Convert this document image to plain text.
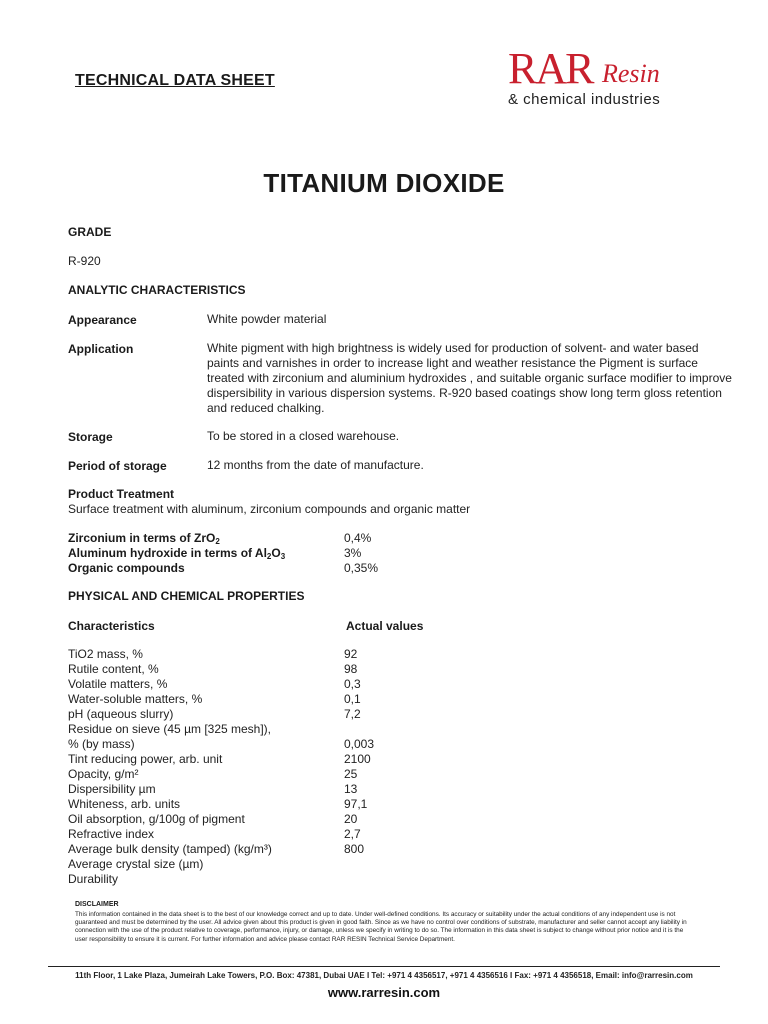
TECHNICAL DATA SHEET	RAR Resin
& chemical industries
TITANIUM DIOXIDE
GRADE
R-920
ANALYTIC CHARACTERISTICS
Appearance	White powder material
Application	White pigment with high brightness is widely used for production of solvent- and water based paints and varnishes in order to increase light and weather resistance the Pigment is surface treated with zirconium and aluminium hydroxides , and suitable organic surface modifier to improve dispersibility in various dispersion systems. R-920 based coatings show long term gloss retention and reduced chalking.
Storage	To be stored in a closed warehouse.
Period of storage	12 months from the date of manufacture.
Product Treatment
Surface treatment with aluminum, zirconium compounds and organic matter
Zirconium in terms of ZrO$_2$	0,4%
Aluminum hydroxide in terms of $Al_2O_3$	3%
Organic compounds	0,35%
PHYSICAL AND CHEMICAL PROPERTIES
Characteristics	Actual values
TiO2 mass, %	92
Rutile content, %	98
Volatile matters, %	0,3
Water-soluble matters, %	0,1
pH (aqueous slurry)	7,2
Residue on sieve (45 µm [325 mesh]),
% (by mass)	0,003
Tint reducing power, arb. unit	2100
Opacity, g/m²	25
Dispersibility µm	13
Whiteness, arb. units	97,1
Oil absorption, g/100g of pigment	20
Refractive index	2,7
Average bulk density (tamped) (kg/m³)	800
Average crystal size (µm)
Durability
DISCLAIMER
This information contained in the data sheet is to the best of our knowledge correct and up to date. Under well-defined conditions. Its accuracy or suitability under the actual conditions of any independent use is not guaranteed and must be determined by the user. All advice given about this product is given in good faith. Since as we have no control over conditions of substrate, manufacturer and seller cannot accept any liability in connection with the use of the product relative to coverage, performance, injury, or damage, unless we specify in writing to do so. The information in this data sheet is subject to change without prior notice and it is the user responsibility to ensure it is current. For further information and advice please contact RAR RESIN Technical Service Department.
11th Floor, 1 Lake Plaza, Jumeirah Lake Towers, P.O. Box: 47381, Dubai UAE I Tel: +971 4 4356517, +971 4 4356516 I Fax: +971 4 4356518, Email: info@rarresin.com
www.rarresin.com
